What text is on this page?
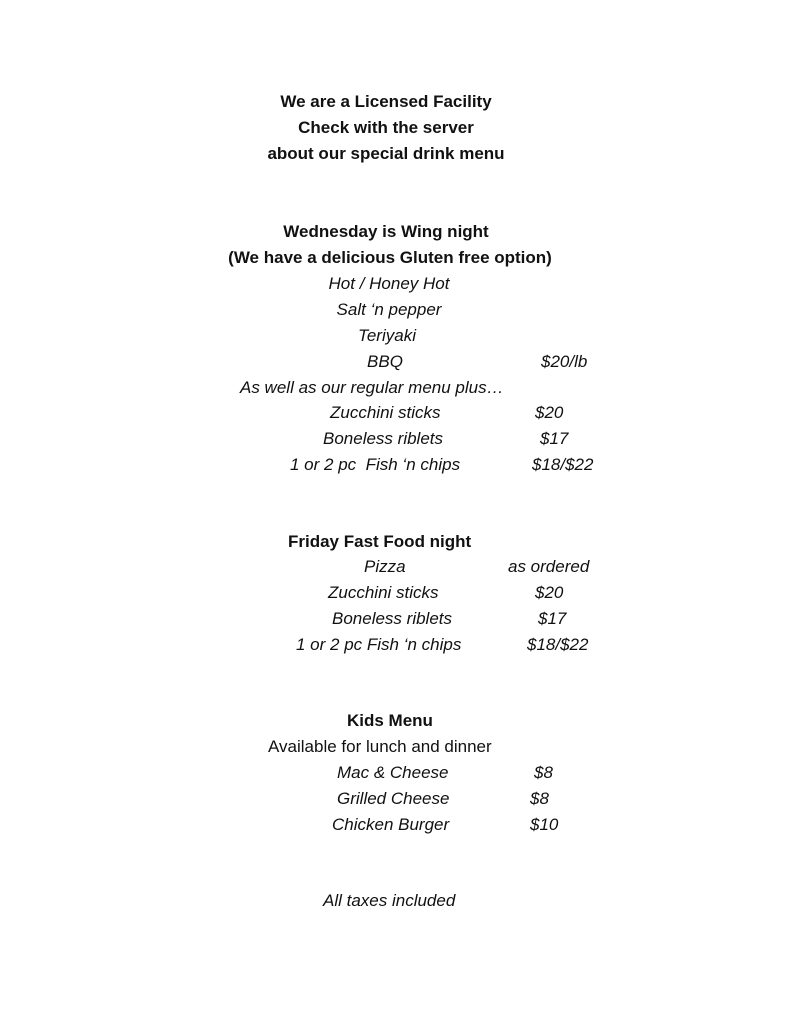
We are a Licensed Facility
Check with the server
about our special drink menu
Wednesday is Wing night
(We have a delicious Gluten free option)
Hot / Honey Hot
Salt ‘n pepper
Teriyaki
BBQ	$20/lb
As well as our regular menu plus…
Zucchini sticks	$20
Boneless riblets	$17
1 or 2 pc  Fish ‘n chips	$18/$22
Friday Fast Food night
Pizza	as ordered
Zucchini sticks	$20
Boneless riblets	$17
1 or 2 pc Fish ‘n chips	$18/$22
Kids Menu
Available for lunch and dinner
Mac & Cheese	$8
Grilled Cheese	$8
Chicken Burger	$10
All taxes included
